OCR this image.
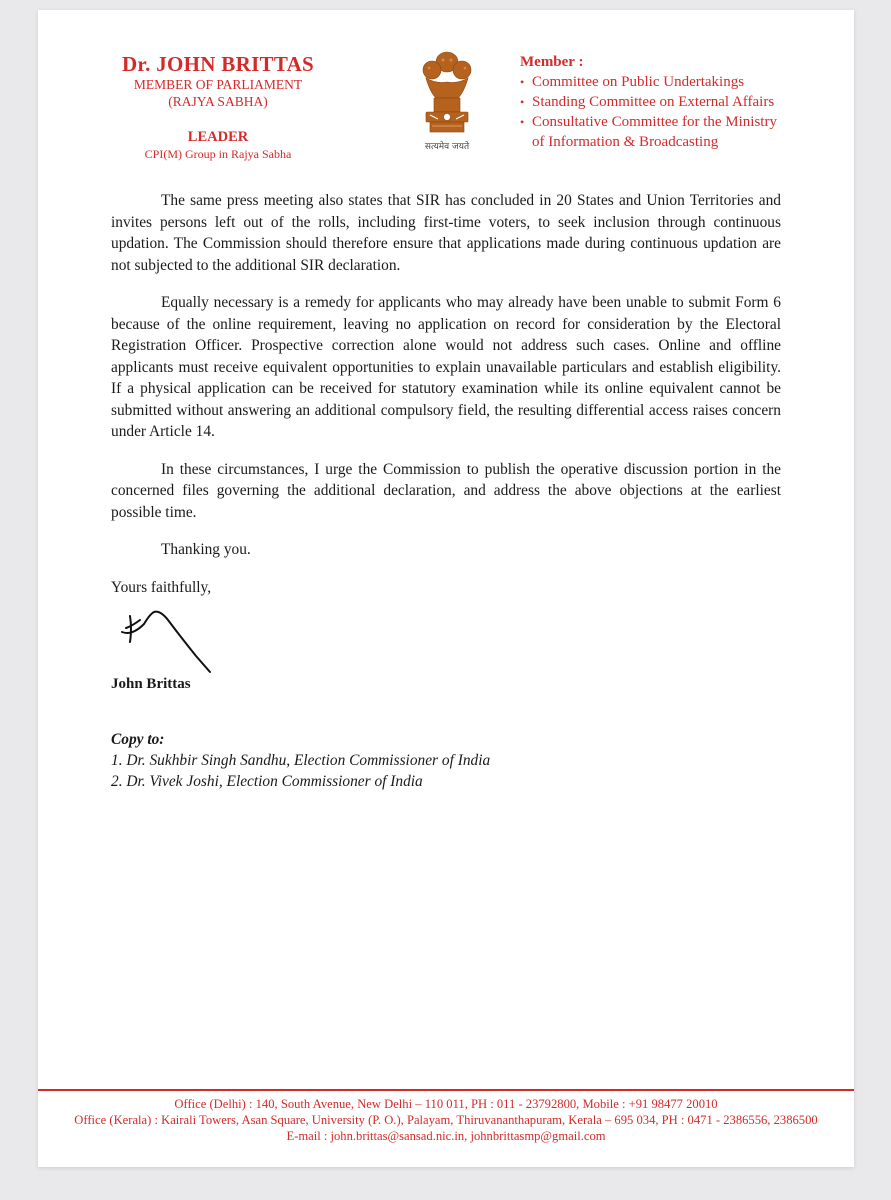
Dr. JOHN BRITTAS
MEMBER OF PARLIAMENT
(RAJYA SABHA)
LEADER
CPI(M) Group in Rajya Sabha	सत्यमेव जयते
Member :
• Committee on Public Undertakings
• Standing Committee on External Affairs
• Consultative Committee for the Ministry
of Information & Broadcasting

The same press meeting also states that SIR has concluded in 20 States and Union Territories and invites persons left out of the rolls, including first-time voters, to seek inclusion through continuous updation. The Commission should therefore ensure that applications made during continuous updation are not subjected to the additional SIR declaration.

Equally necessary is a remedy for applicants who may already have been unable to submit Form 6 because of the online requirement, leaving no application on record for consideration by the Electoral Registration Officer. Prospective correction alone would not address such cases. Online and offline applicants must receive equivalent opportunities to explain unavailable particulars and establish eligibility. If a physical application can be received for statutory examination while its online equivalent cannot be submitted without answering an additional compulsory field, the resulting differential access raises concern under Article 14.

In these circumstances, I urge the Commission to publish the operative discussion portion in the concerned files governing the additional declaration, and address the above objections at the earliest possible time.

Thanking you.
Yours faithfully,
John Brittas
Copy to:
1. Dr. Sukhbir Singh Sandhu, Election Commissioner of India
2. Dr. Vivek Joshi, Election Commissioner of India
Office (Delhi) : 140, South Avenue, New Delhi – 110 011, PH : 011 - 23792800, Mobile : +91 98477 20010
Office (Kerala) : Kairali Towers, Asan Square, University (P. O.), Palayam, Thiruvananthapuram, Kerala – 695 034, PH : 0471 - 2386556, 2386500
E-mail : john.brittas@sansad.nic.in, johnbrittasmp@gmail.com
